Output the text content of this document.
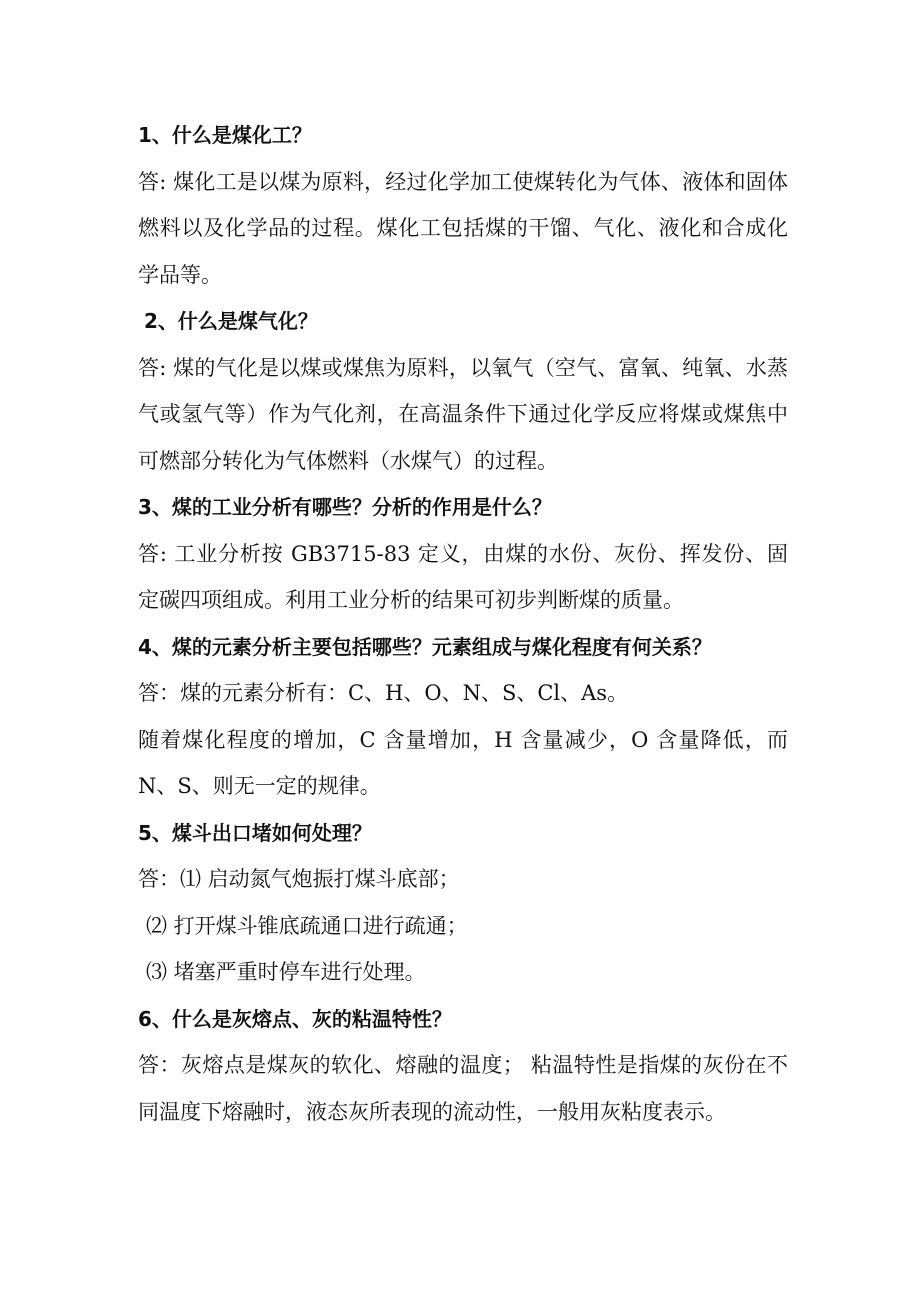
1、什么是煤化工？

答: 煤化工是以煤为原料，经过化学加工使煤转化为气体、液体和固体燃料以及化学品的过程。煤化工包括煤的干馏、气化、液化和合成化学品等。

2、什么是煤气化？

答: 煤的气化是以煤或煤焦为原料，以氧气（空气、富氧、纯氧、水蒸气或氢气等）作为气化剂，在高温条件下通过化学反应将煤或煤焦中可燃部分转化为气体燃料（水煤气）的过程。

3、煤的工业分析有哪些？分析的作用是什么？

答: 工业分析按 GB3715-83 定义，由煤的水份、灰份、挥发份、固定碳四项组成。利用工业分析的结果可初步判断煤的质量。

4、煤的元素分析主要包括哪些？元素组成与煤化程度有何关系？

答：煤的元素分析有：C、H、O、N、S、Cl、As。

随着煤化程度的增加，C 含量增加，H 含量减少，O 含量降低，而 N、S、则无一定的规律。

5、煤斗出口堵如何处理？

答：⑴ 启动氮气炮振打煤斗底部；

⑵ 打开煤斗锥底疏通口进行疏通；

⑶ 堵塞严重时停车进行处理。

6、什么是灰熔点、灰的粘温特性？

答：灰熔点是煤灰的软化、熔融的温度； 粘温特性是指煤的灰份在不同温度下熔融时，液态灰所表现的流动性，一般用灰粘度表示。
